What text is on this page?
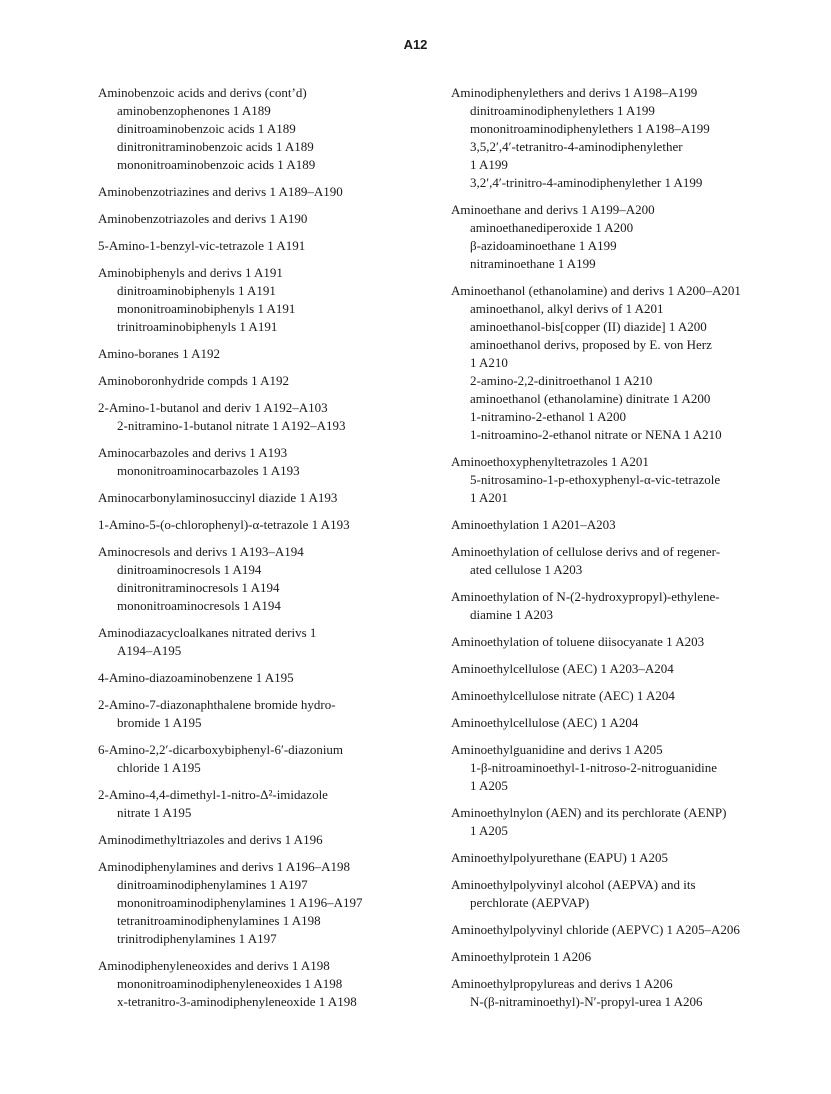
A12
Aminobenzoic acids and derivs (cont’d)
aminobenzophenones 1 A189
dinitroaminobenzoic acids 1 A189
dinitronitraminobenzoic acids 1 A189
mononitroaminobenzoic acids 1 A189
Aminobenzotriazines and derivs 1 A189–A190
Aminobenzotriazoles and derivs 1 A190
5-Amino-1-benzyl-vic-tetrazole 1 A191
Aminobiphenyls and derivs 1 A191
dinitroaminobiphenyls 1 A191
mononitroaminobiphenyls 1 A191
trinitroaminobiphenyls 1 A191
Amino-boranes 1 A192
Aminoboronhydride compds 1 A192
2-Amino-1-butanol and deriv 1 A192–A103
2-nitramino-1-butanol nitrate 1 A192–A193
Aminocarbazoles and derivs 1 A193
mononitroaminocarbazoles 1 A193
Aminocarbonylaminosuccinyl diazide 1 A193
1-Amino-5-(o-chlorophenyl)-α-tetrazole 1 A193
Aminocresols and derivs 1 A193–A194
dinitroaminocresols 1 A194
dinitronitraminocresols 1 A194
mononitroaminocresols 1 A194
Aminodiazacycloalkanes nitrated derivs 1
A194–A195
4-Amino-diazoaminobenzene 1 A195
2-Amino-7-diazonaphthalene bromide hydro-
bromide 1 A195
6-Amino-2,2′-dicarboxybiphenyl-6′-diazonium
chloride 1 A195
2-Amino-4,4-dimethyl-1-nitro-Δ²-imidazole
nitrate 1 A195
Aminodimethyltriazoles and derivs 1 A196
Aminodiphenylamines and derivs 1 A196–A198
dinitroaminodiphenylamines 1 A197
mononitroaminodiphenylamines 1 A196–A197
tetranitroaminodiphenylamines 1 A198
trinitrodiphenylamines 1 A197
Aminodiphenyleneoxides and derivs 1 A198
mononitroaminodiphenyleneoxides 1 A198
x-tetranitro-3-aminodiphenyleneoxide 1 A198
Aminodiphenylethers and derivs 1 A198–A199
dinitroaminodiphenylethers 1 A199
mononitroaminodiphenylethers 1 A198–A199
3,5,2′,4′-tetranitro-4-aminodiphenylether
1 A199
3,2′,4′-trinitro-4-aminodiphenylether 1 A199
Aminoethane and derivs 1 A199–A200
aminoethanediperoxide 1 A200
β-azidoaminoethane 1 A199
nitraminoethane 1 A199
Aminoethanol (ethanolamine) and derivs 1 A200–A201
aminoethanol, alkyl derivs of 1 A201
aminoethanol-bis[copper (II) diazide] 1 A200
aminoethanol derivs, proposed by E. von Herz
1 A210
2-amino-2,2-dinitroethanol 1 A210
aminoethanol (ethanolamine) dinitrate 1 A200
1-nitramino-2-ethanol 1 A200
1-nitroamino-2-ethanol nitrate or NENA 1 A210
Aminoethoxyphenyltetrazoles 1 A201
5-nitrosamino-1-p-ethoxyphenyl-α-vic-tetrazole
1 A201
Aminoethylation 1 A201–A203
Aminoethylation of cellulose derivs and of regener-
ated cellulose 1 A203
Aminoethylation of N-(2-hydroxypropyl)-ethylene-
diamine 1 A203
Aminoethylation of toluene diisocyanate 1 A203
Aminoethylcellulose (AEC) 1 A203–A204
Aminoethylcellulose nitrate (AEC) 1 A204
Aminoethylcellulose (AEC) 1 A204
Aminoethylguanidine and derivs 1 A205
1-β-nitroaminoethyl-1-nitroso-2-nitroguanidine
1 A205
Aminoethylnylon (AEN) and its perchlorate (AENP)
1 A205
Aminoethylpolyurethane (EAPU) 1 A205
Aminoethylpolyvinyl alcohol (AEPVA) and its
perchlorate (AEPVAP)
Aminoethylpolyvinyl chloride (AEPVC) 1 A205–A206
Aminoethylprotein 1 A206
Aminoethylpropylureas and derivs 1 A206
N-(β-nitraminoethyl)-N′-propyl-urea 1 A206
